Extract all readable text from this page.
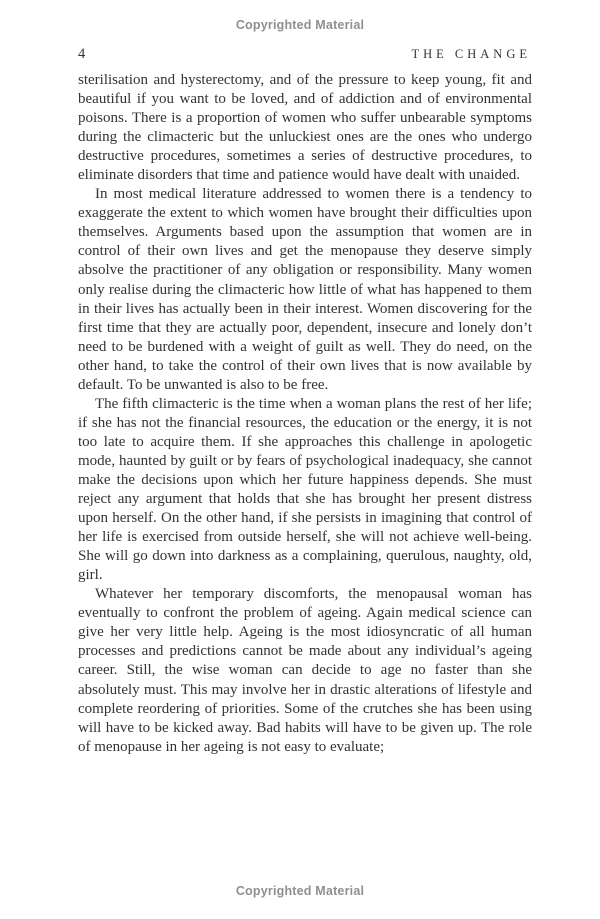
Copyrighted Material
4	THE CHANGE

sterilisation and hysterectomy, and of the pressure to keep young, fit and beautiful if you want to be loved, and of addiction and of environmental poisons. There is a proportion of women who suffer unbearable symptoms during the climacteric but the unluckiest ones are the ones who undergo destructive procedures, sometimes a series of destructive procedures, to eliminate disorders that time and patience would have dealt with unaided.

In most medical literature addressed to women there is a tendency to exaggerate the extent to which women have brought their difficulties upon themselves. Arguments based upon the assumption that women are in control of their own lives and get the menopause they deserve simply absolve the practitioner of any obligation or responsibility. Many women only realise during the climacteric how little of what has happened to them in their lives has actually been in their interest. Women discovering for the first time that they are actually poor, dependent, insecure and lonely don’t need to be burdened with a weight of guilt as well. They do need, on the other hand, to take the control of their own lives that is now available by default. To be unwanted is also to be free.

The fifth climacteric is the time when a woman plans the rest of her life; if she has not the financial resources, the education or the energy, it is not too late to acquire them. If she approaches this challenge in apologetic mode, haunted by guilt or by fears of psychological inadequacy, she cannot make the decisions upon which her future happiness depends. She must reject any argument that holds that she has brought her present distress upon herself. On the other hand, if she persists in imagining that control of her life is exercised from outside herself, she will not achieve well-being. She will go down into darkness as a complaining, querulous, naughty, old, girl.

Whatever her temporary discomforts, the menopausal woman has eventually to confront the problem of ageing. Again medical science can give her very little help. Ageing is the most idiosyncratic of all human processes and predictions cannot be made about any individual’s ageing career. Still, the wise woman can decide to age no faster than she absolutely must. This may involve her in drastic alterations of lifestyle and complete reordering of priorities. Some of the crutches she has been using will have to be kicked away. Bad habits will have to be given up. The role of menopause in her ageing is not easy to evaluate;

Copyrighted Material
